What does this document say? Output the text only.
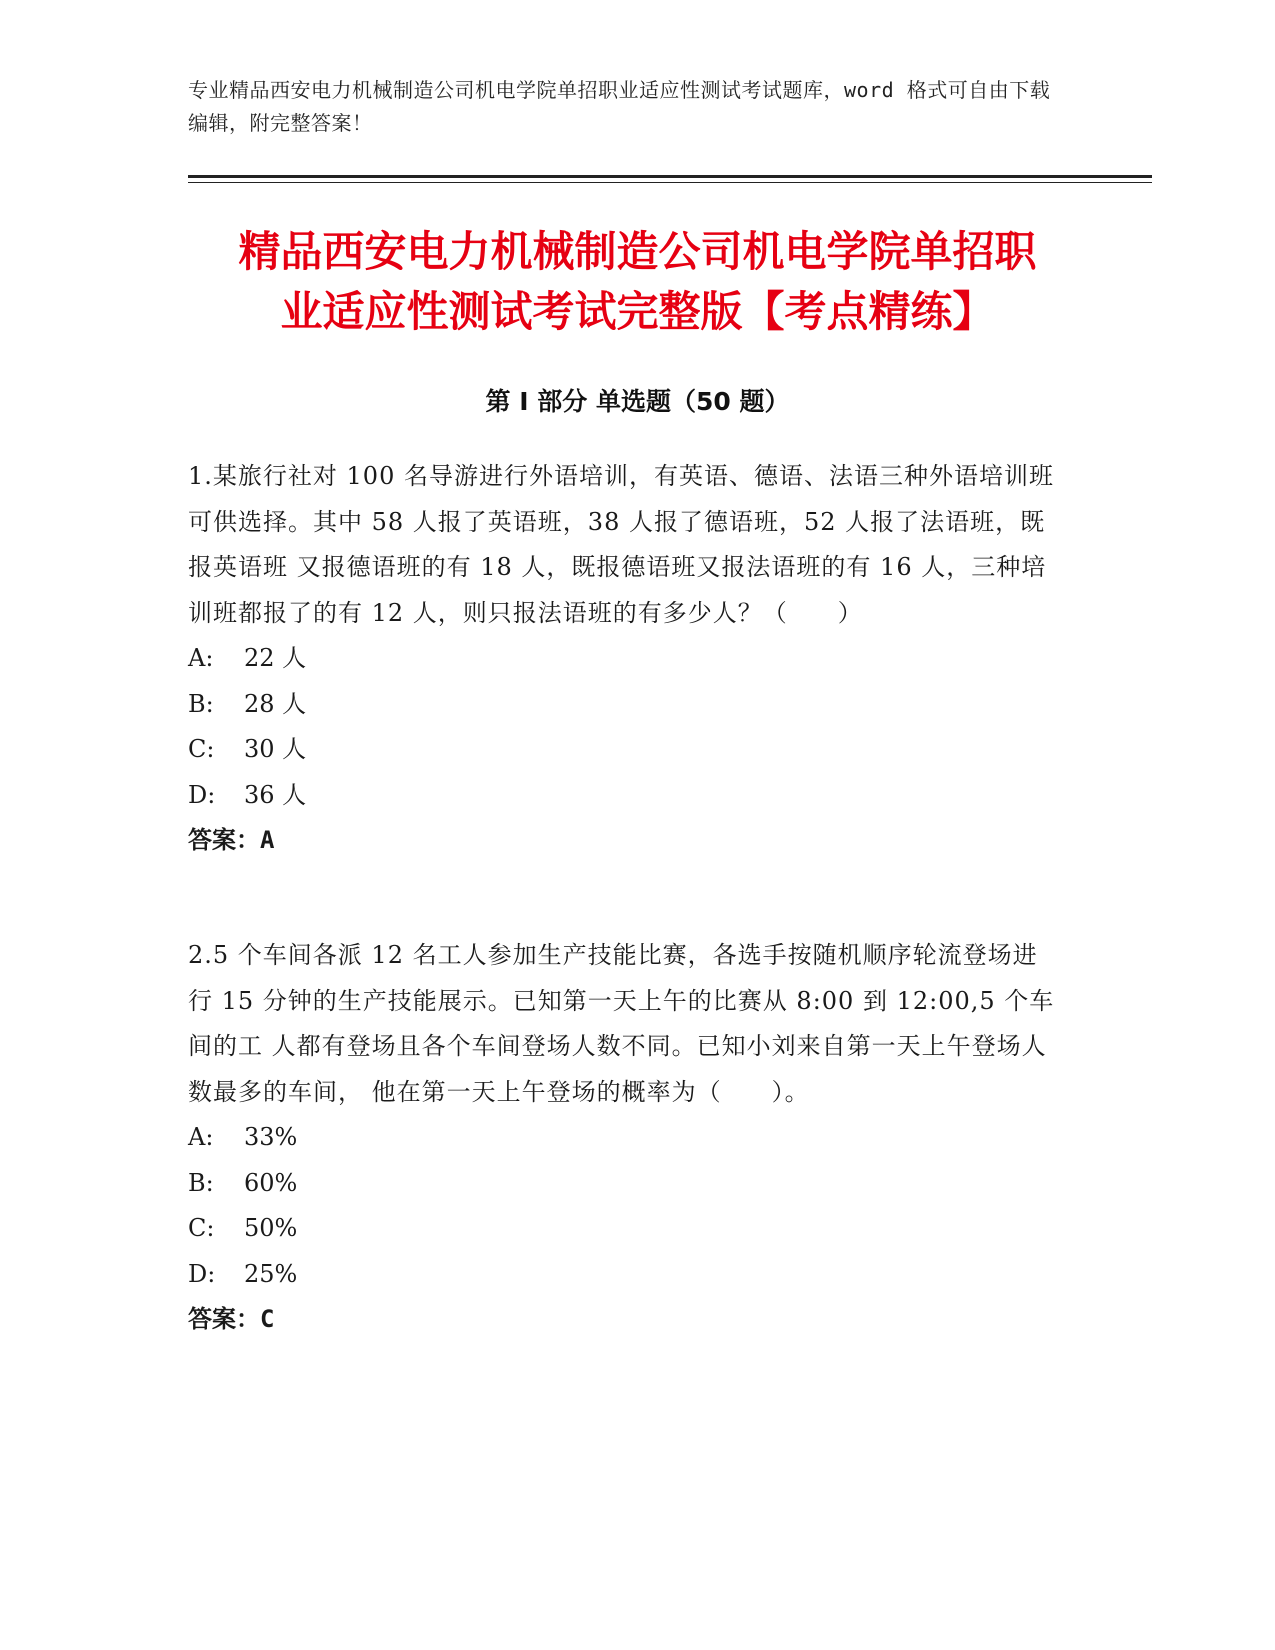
专业精品西安电力机械制造公司机电学院单招职业适应性测试考试题库，word 格式可自由下载编辑，附完整答案！
精品西安电力机械制造公司机电学院单招职
业适应性测试考试完整版【考点精练】
第 I 部分 单选题（50 题）

1.某旅行社对 100 名导游进行外语培训，有英语、德语、法语三种外语培训班 可供选择。其中 58 人报了英语班，38 人报了德语班，52 人报了法语班，既报英语班 又报德语班的有 18 人，既报德语班又报法语班的有 16 人，三种培训班都报了的有 12 人，则只报法语班的有多少人？（　　）

A:	22 人
B:	28 人
C:	30 人
D:	36 人
答案：A

2.5 个车间各派 12 名工人参加生产技能比赛，各选手按随机顺序轮流登场进 行 15 分钟的生产技能展示。已知第一天上午的比赛从 8:00 到 12:00,5 个车间的工 人都有登场且各个车间登场人数不同。已知小刘来自第一天上午登场人数最多的车间， 他在第一天上午登场的概率为（　　）。

A:	33%
B:	60%
C:	50%
D:	25%
答案：C
